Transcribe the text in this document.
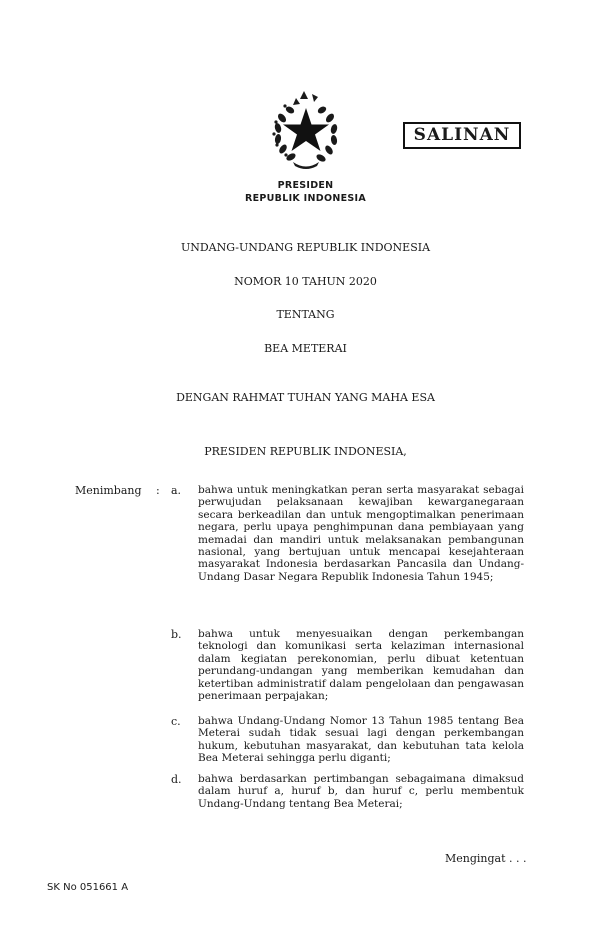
SALINAN
PRESIDEN
REPUBLIK INDONESIA
UNDANG-UNDANG REPUBLIK INDONESIA
NOMOR 10 TAHUN 2020
TENTANG
BEA METERAI
DENGAN RAHMAT TUHAN YANG MAHA ESA
PRESIDEN REPUBLIK INDONESIA,
Menimbang : a. bahwa untuk meningkatkan peran serta masyarakat sebagai perwujudan pelaksanaan kewajiban kewarganegaraan secara berkeadilan dan untuk mengoptimalkan penerimaan negara, perlu upaya penghimpunan dana pembiayaan yang memadai dan mandiri untuk melaksanakan pembangunan nasional, yang bertujuan untuk mencapai kesejahteraan masyarakat Indonesia berdasarkan Pancasila dan Undang-Undang Dasar Negara Republik Indonesia Tahun 1945;
b. bahwa untuk menyesuaikan dengan perkembangan teknologi dan komunikasi serta kelaziman internasional dalam kegiatan perekonomian, perlu dibuat ketentuan perundang-undangan yang memberikan kemudahan dan ketertiban administratif dalam pengelolaan dan pengawasan penerimaan perpajakan;
c. bahwa Undang-Undang Nomor 13 Tahun 1985 tentang Bea Meterai sudah tidak sesuai lagi dengan perkembangan hukum, kebutuhan masyarakat, dan kebutuhan tata kelola Bea Meterai sehingga perlu diganti;
d. bahwa berdasarkan pertimbangan sebagaimana dimaksud dalam huruf a, huruf b, dan huruf c, perlu membentuk Undang-Undang tentang Bea Meterai;
Mengingat . . .
SK No 051661 A
